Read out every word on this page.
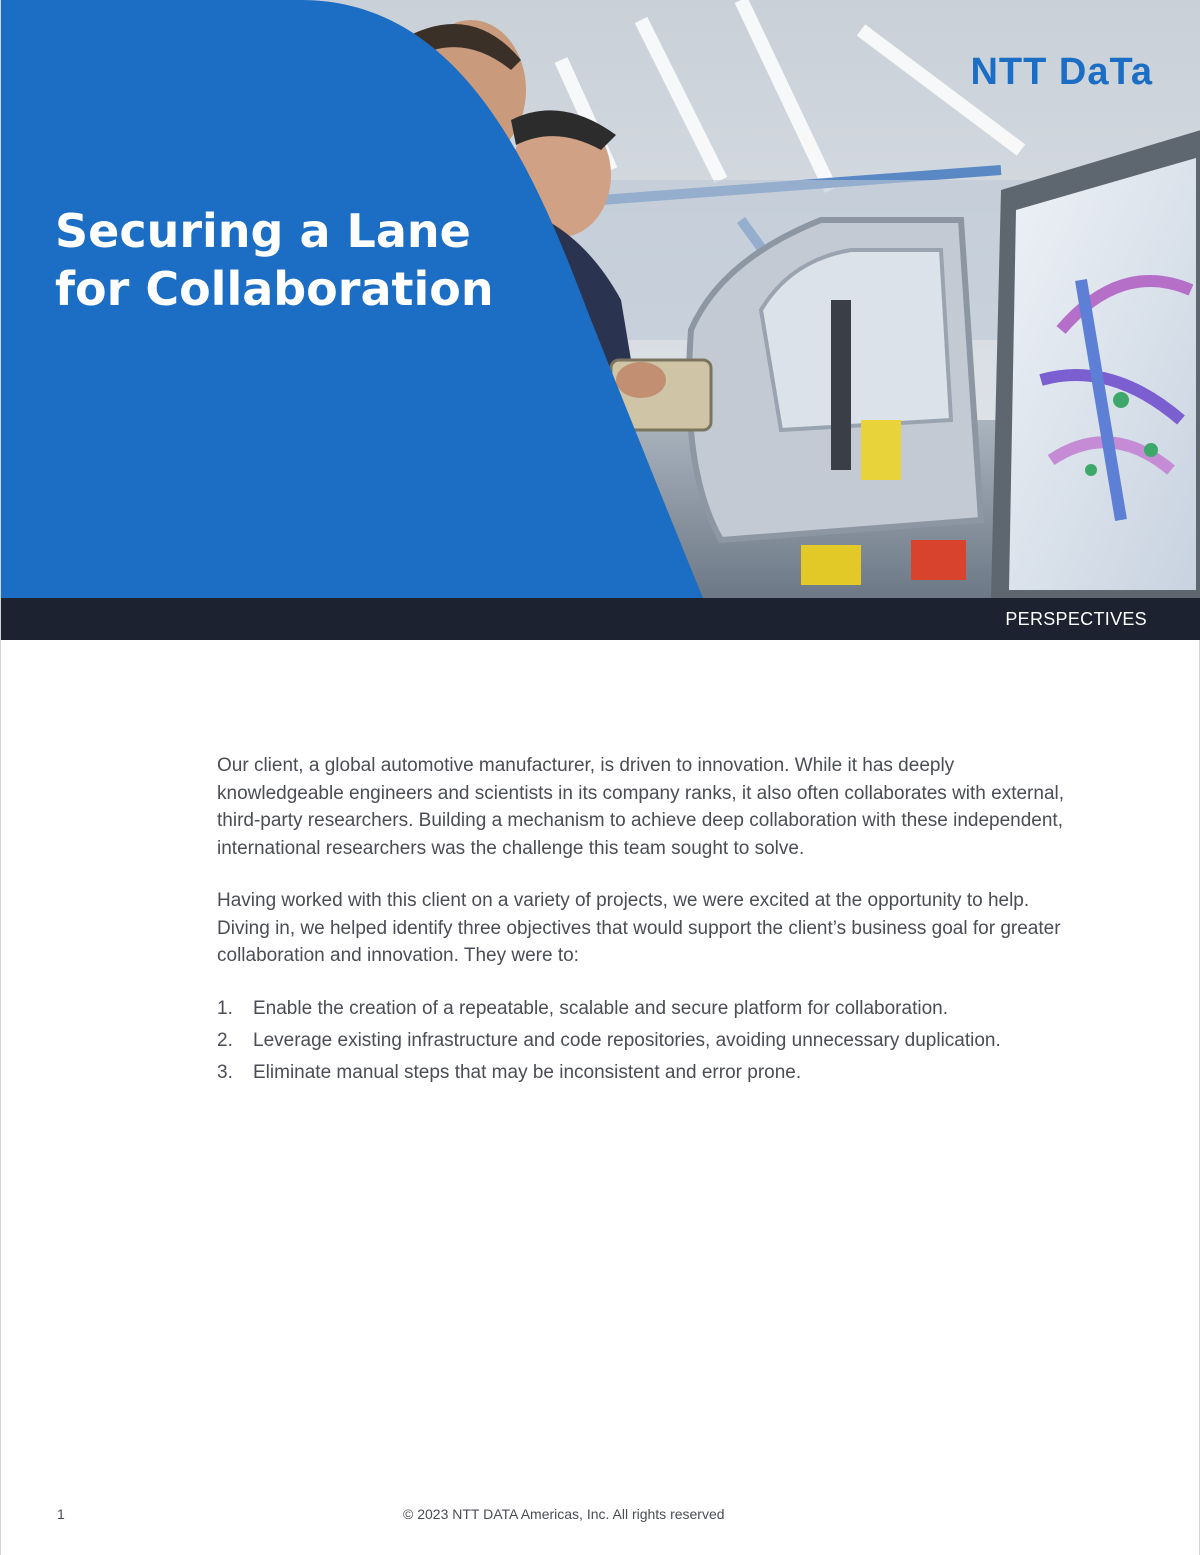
NTT DaTa
Securing a Lane
for Collaboration
PERSPECTIVES

Our client, a global automotive manufacturer, is driven to innovation. While it has deeply knowledgeable engineers and scientists in its company ranks, it also often collaborates with external, third-party researchers. Building a mechanism to achieve deep collaboration with these independent, international researchers was the challenge this team sought to solve.

Having worked with this client on a variety of projects, we were excited at the opportunity to help. Diving in, we helped identify three objectives that would support the client’s business goal for greater collaboration and innovation. They were to:

1. Enable the creation of a repeatable, scalable and secure platform for collaboration.
2. Leverage existing infrastructure and code repositories, avoiding unnecessary duplication.
3. Eliminate manual steps that may be inconsistent and error prone.
1	© 2023 NTT DATA Americas, Inc. All rights reserved
